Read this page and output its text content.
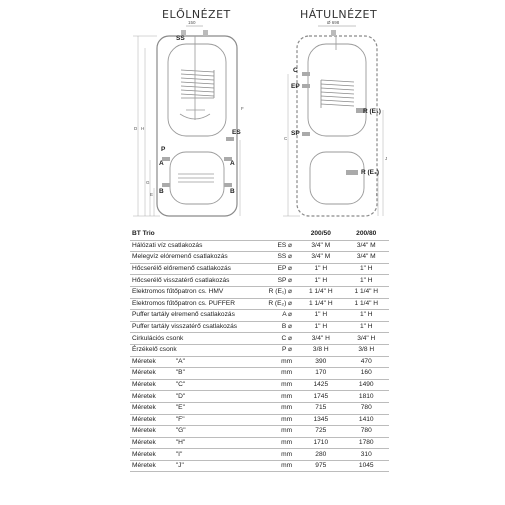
ELŐLNÉZET	HÁTULNÉZET
D H
G
E
F
150
SS
ES
P
A	A
B	B
C
I
J
Ø 698
C
EP
SP
R (E₁)
R (E₂)
BT Trio		200/50	200/80
Hálózati víz csatlakozás	ES ⌀	3/4" M	3/4" M
Melegvíz elóremenő csatlakozás	SS ⌀	3/4" M	3/4" M
Hőcserélő előremenő csatlakozás	EP ⌀	1" H	1" H
Hőcserélő visszatérő csatlakozás	SP ⌀	1" H	1" H
Elektromos fűtőpatron cs. HMV	R (E₁) ⌀	1 1/4" H	1 1/4" H
Elektromos fűtőpatron cs. PUFFER	R (E₂) ⌀	1 1/4" H	1 1/4" H
Puffer tartály elremenő csatlakozás	A ⌀	1" H	1" H
Puffer tartály visszatérő csatlakozás	B ⌀	1" H	1" H
Cirkulációs csonk	C ⌀	3/4" H	3/4" H
Érzékelő csonk	P ⌀	3/8 H	3/8 H
Méretek "A"	mm	390	470
Méretek "B"	mm	170	160
Méretek "C"	mm	1425	1490
Méretek "D"	mm	1745	1810
Méretek "E"	mm	715	780
Méretek "F"	mm	1345	1410
Méretek "G"	mm	725	780
Méretek "H"	mm	1710	1780
Méretek "I"	mm	280	310
Méretek "J"	mm	975	1045
